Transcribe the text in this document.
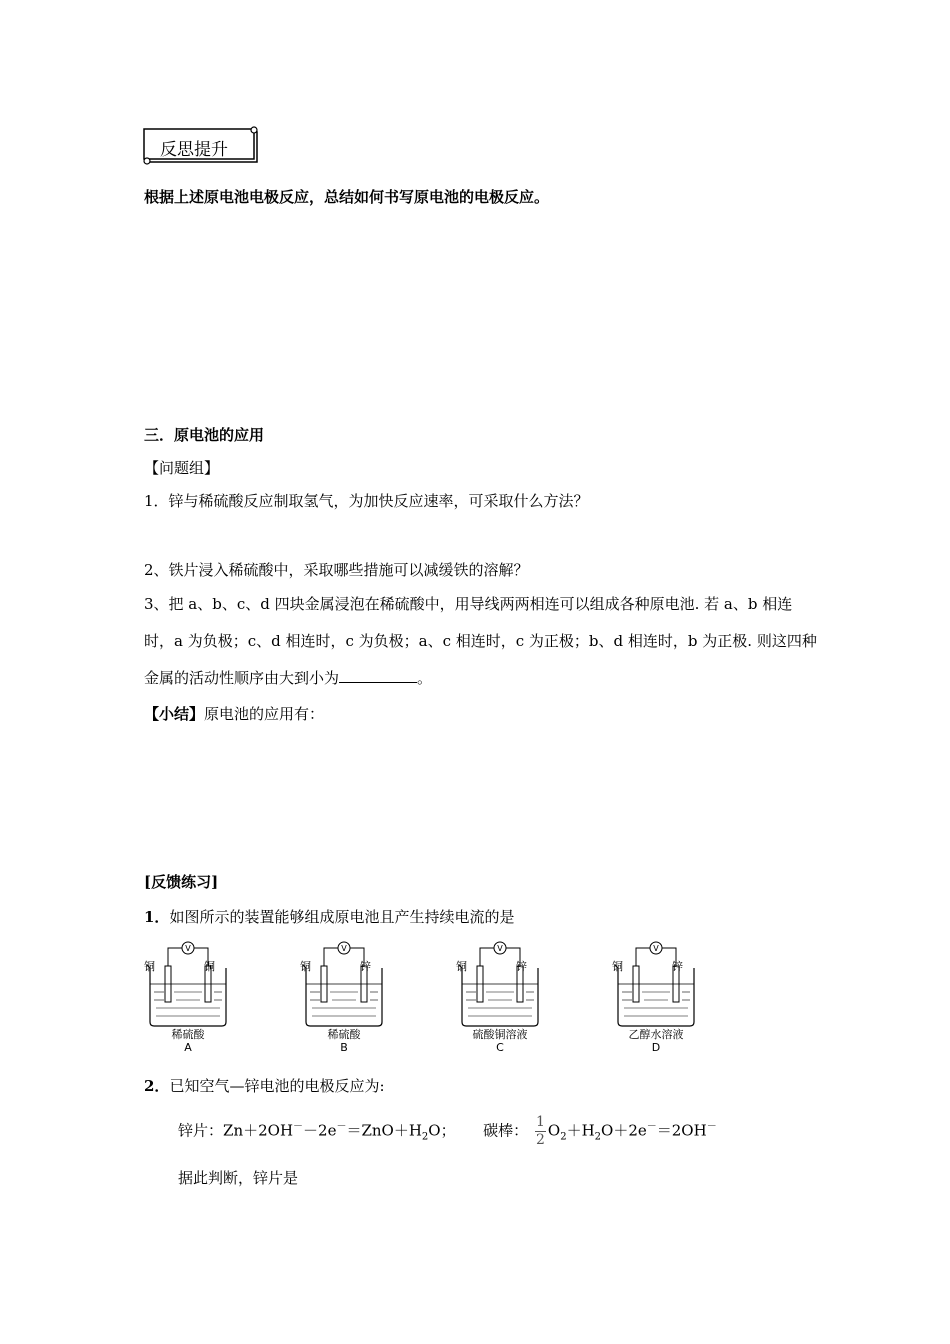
反思提升
根据上述原电池电极反应，总结如何书写原电池的电极反应。
三．原电池的应用
【问题组】
1．锌与稀硫酸反应制取氢气，为加快反应速率，可采取什么方法？
2、铁片浸入稀硫酸中，采取哪些措施可以减缓铁的溶解？
3、把 a、b、c、d 四块金属浸泡在稀硫酸中，用导线两两相连可以组成各种原电池. 若 a、b 相连
时，a 为负极；c、d 相连时，c 为负极；a、c 相连时，c 为正极；b、d 相连时，b 为正极. 则这四种
金属的活动性顺序由大到小为	。
【小结】原电池的应用有：
[反馈练习]
1．如图所示的装置能够组成原电池且产生持续电流的是
V
铜	铜
稀硫酸
A
V
铜	锌
稀硫酸
B
V
铜	锌
硫酸铜溶液
C
V
铜	锌
乙醇水溶液
D
2．已知空气—锌电池的电极反应为:
锌片：$Zn+2OH^--2e^-=ZnO+H_2O$； 碳棒： $\frac{1}{2} O_2+H_2O+2e^-=2OH^-$
据此判断，锌片是
